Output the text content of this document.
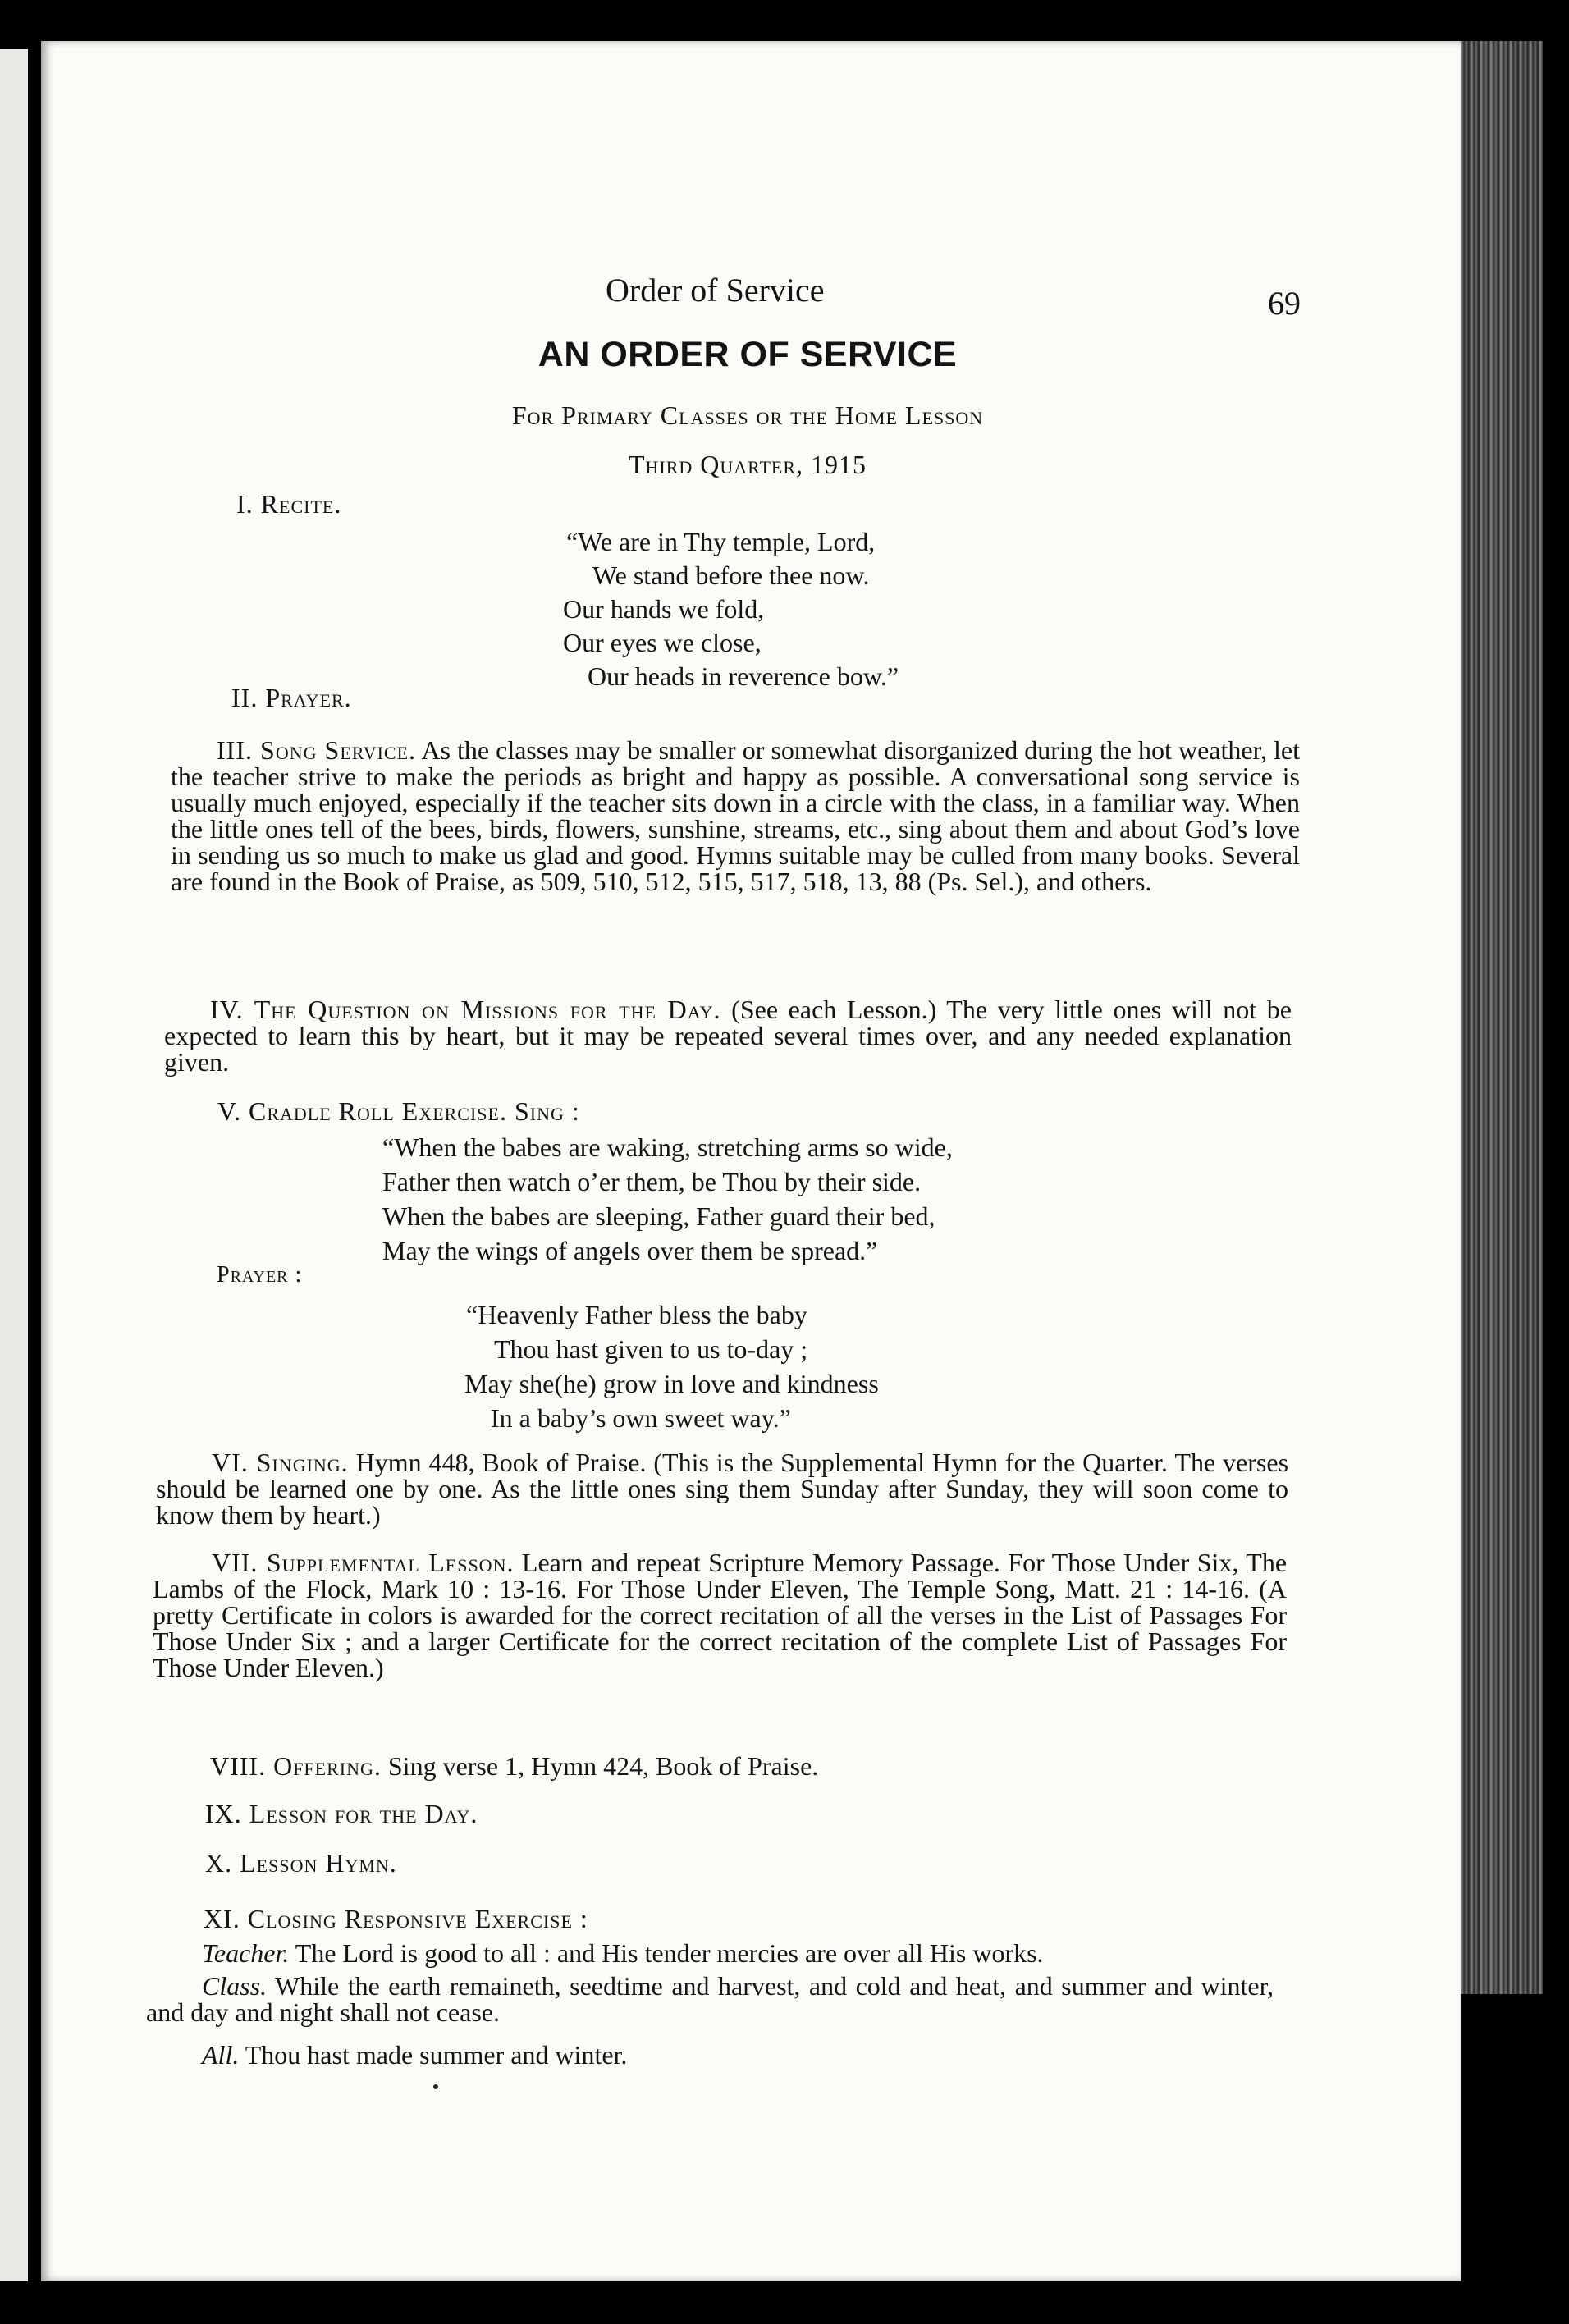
Order of Service	69
AN ORDER OF SERVICE
For Primary Classes or the Home Lesson
Third Quarter, 1915
I. Recite.
“We are in Thy temple, Lord,
We stand before thee now.
Our hands we fold,
Our eyes we close,
Our heads in reverence bow.”
II. Prayer.
III. Song Service. As the classes may be smaller or somewhat disorganized during the hot weather, let the teacher strive to make the periods as bright and happy as possible. A conversational song service is usually much enjoyed, especially if the teacher sits down in a circle with the class, in a familiar way. When the little ones tell of the bees, birds, flowers, sunshine, streams, etc., sing about them and about God’s love in sending us so much to make us glad and good. Hymns suitable may be culled from many books. Several are found in the Book of Praise, as 509, 510, 512, 515, 517, 518, 13, 88 (Ps. Sel.), and others.
IV. The Question on Missions for the Day. (See each Lesson.) The very little ones will not be expected to learn this by heart, but it may be repeated several times over, and any needed explanation given.
V. Cradle Roll Exercise. Sing :
“When the babes are waking, stretching arms so wide,
Father then watch o’er them, be Thou by their side.
When the babes are sleeping, Father guard their bed,
May the wings of angels over them be spread.”
Prayer :
“Heavenly Father bless the baby
Thou hast given to us to-day ;
May she(he) grow in love and kindness
In a baby’s own sweet way.”
VI. Singing. Hymn 448, Book of Praise. (This is the Supplemental Hymn for the Quarter. The verses should be learned one by one. As the little ones sing them Sunday after Sunday, they will soon come to know them by heart.)
VII. Supplemental Lesson. Learn and repeat Scripture Memory Passage. For Those Under Six, The Lambs of the Flock, Mark 10 : 13-16. For Those Under Eleven, The Temple Song, Matt. 21 : 14-16. (A pretty Certificate in colors is awarded for the correct recitation of all the verses in the List of Passages For Those Under Six ; and a larger Certificate for the correct recitation of the complete List of Passages For Those Under Eleven.)
VIII. Offering. Sing verse 1, Hymn 424, Book of Praise.
IX. Lesson for the Day.
X. Lesson Hymn.
XI. Closing Responsive Exercise :
Teacher. The Lord is good to all : and His tender mercies are over all His works.
Class. While the earth remaineth, seedtime and harvest, and cold and heat, and summer and winter, and day and night shall not cease.
All. Thou hast made summer and winter.
